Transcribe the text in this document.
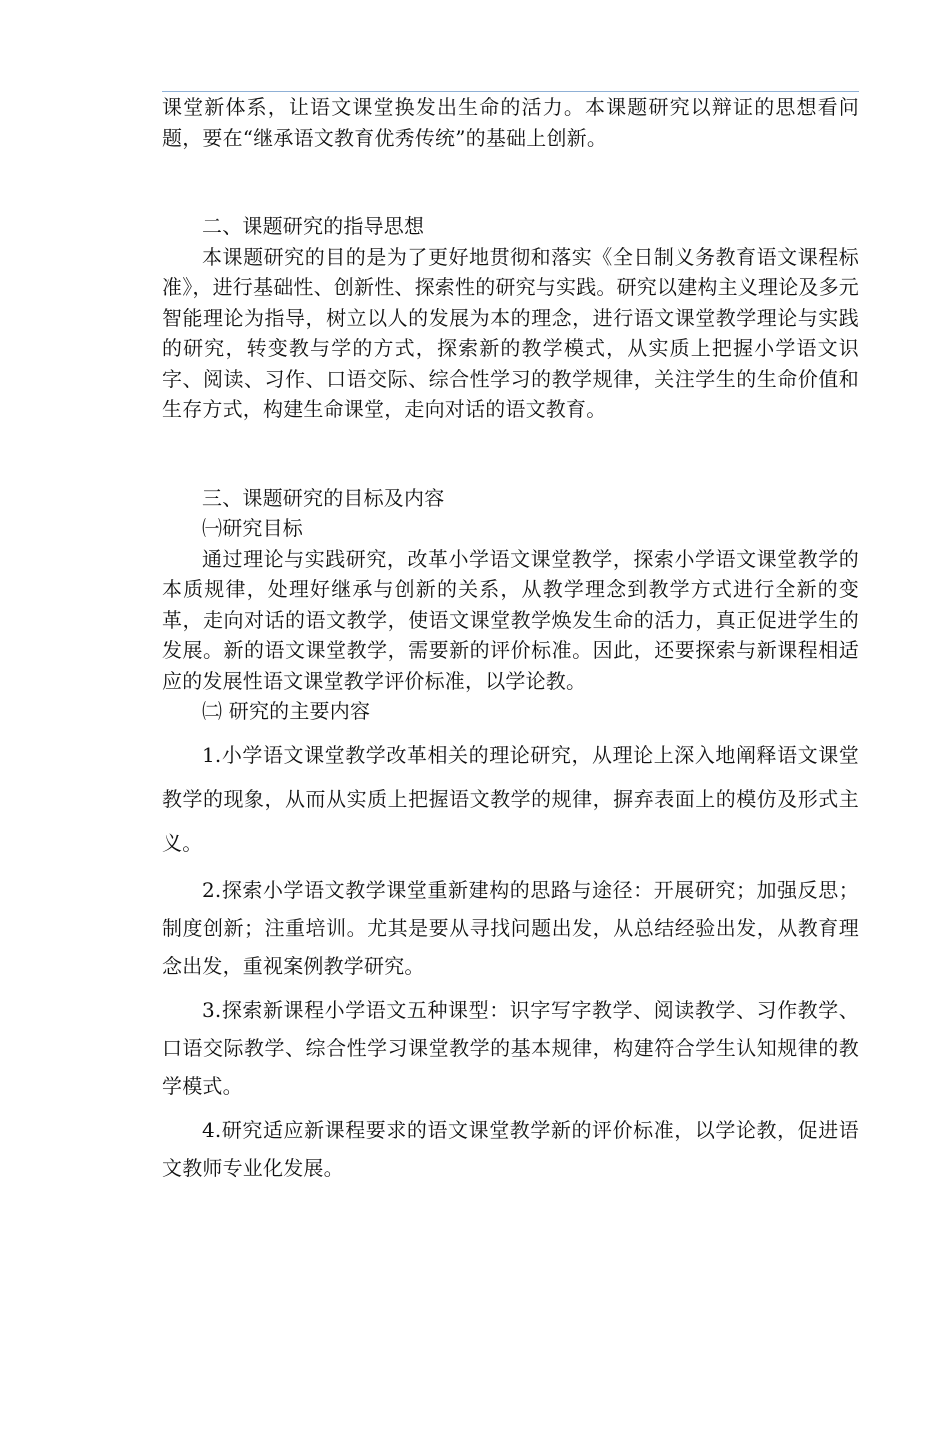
课堂新体系，让语文课堂换发出生命的活力。本课题研究以辩证的思想看问题，要在“继承语文教育优秀传统”的基础上创新。

二、课题研究的指导思想

本课题研究的目的是为了更好地贯彻和落实《全日制义务教育语文课程标准》，进行基础性、创新性、探索性的研究与实践。研究以建构主义理论及多元智能理论为指导，树立以人的发展为本的理念，进行语文课堂教学理论与实践的研究，转变教与学的方式，探索新的教学模式，从实质上把握小学语文识字、阅读、习作、口语交际、综合性学习的教学规律，关注学生的生命价值和生存方式，构建生命课堂，走向对话的语文教育。

三、课题研究的目标及内容

㈠研究目标

通过理论与实践研究，改革小学语文课堂教学，探索小学语文课堂教学的本质规律，处理好继承与创新的关系，从教学理念到教学方式进行全新的变革，走向对话的语文教学，使语文课堂教学焕发生命的活力，真正促进学生的发展。新的语文课堂教学，需要新的评价标准。因此，还要探索与新课程相适应的发展性语文课堂教学评价标准，以学论教。

㈡ 研究的主要内容

1.小学语文课堂教学改革相关的理论研究，从理论上深入地阐释语文课堂教学的现象，从而从实质上把握语文教学的规律，摒弃表面上的模仿及形式主义。

2.探索小学语文教学课堂重新建构的思路与途径：开展研究；加强反思；制度创新；注重培训。尤其是要从寻找问题出发，从总结经验出发，从教育理念出发，重视案例教学研究。

3.探索新课程小学语文五种课型：识字写字教学、阅读教学、习作教学、口语交际教学、综合性学习课堂教学的基本规律，构建符合学生认知规律的教学模式。

4.研究适应新课程要求的语文课堂教学新的评价标准，以学论教，促进语文教师专业化发展。
